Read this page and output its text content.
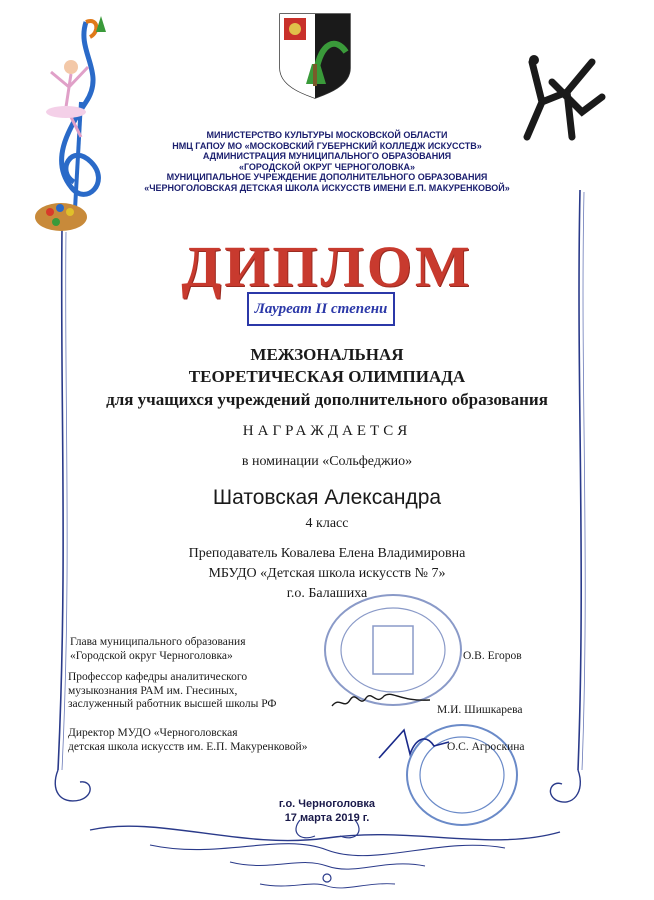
МИНИСТЕРСТВО КУЛЬТУРЫ МОСКОВСКОЙ ОБЛАСТИ
НМЦ ГАПОУ МО «МОСКОВСКИЙ ГУБЕРНСКИЙ КОЛЛЕДЖ ИСКУССТВ»
АДМИНИСТРАЦИЯ МУНИЦИПАЛЬНОГО ОБРАЗОВАНИЯ
«ГОРОДСКОЙ ОКРУГ ЧЕРНОГОЛОВКА»
МУНИЦИПАЛЬНОЕ УЧРЕЖДЕНИЕ ДОПОЛНИТЕЛЬНОГО ОБРАЗОВАНИЯ
«ЧЕРНОГОЛОВСКАЯ ДЕТСКАЯ ШКОЛА ИСКУССТВ ИМЕНИ Е.П. МАКУРЕНКОВОЙ»
ДИПЛОМ
Лауреат II степени
МЕЖЗОНАЛЬНАЯ
ТЕОРЕТИЧЕСКАЯ ОЛИМПИАДА
для учащихся учреждений дополнительного образования
НАГРАЖДАЕТСЯ
в номинации «Сольфеджио»
Шатовская Александра
4 класс
Преподаватель Ковалева Елена Владимировна
МБУДО «Детская школа искусств № 7»
г.о. Балашиха
Глава муниципального образования
«Городской округ Черноголовка»	О.В. Егоров
Профессор кафедры аналитического
музыкознания РАМ им. Гнесиных,
заслуженный работник высшей школы РФ	М.И. Шишкарева
Директор МУДО «Черноголовская
детская школа искусств им. Е.П. Макуренковой»	О.С. Агроскина
г.о. Черноголовка
17 марта 2019 г.
